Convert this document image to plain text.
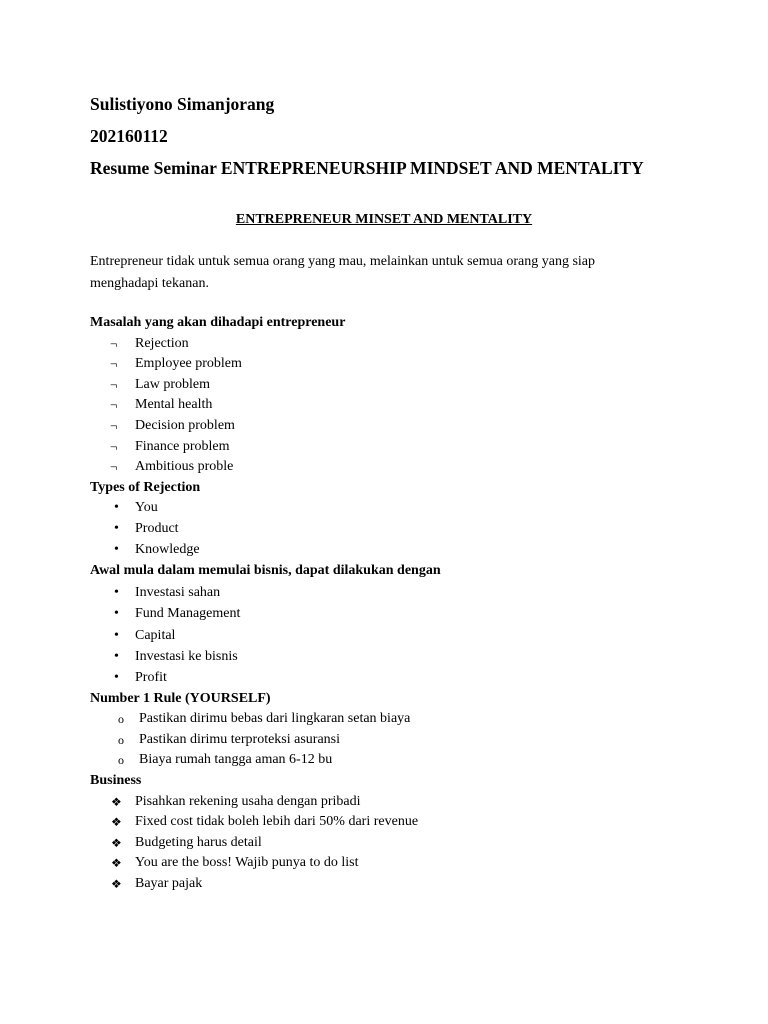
Sulistiyono Simanjorang
202160112
Resume Seminar ENTREPRENEURSHIP MINDSET AND MENTALITY
ENTREPRENEUR MINSET AND MENTALITY
Entrepreneur tidak untuk semua orang yang mau, melainkan untuk semua orang yang siap menghadapi tekanan.
Masalah yang akan dihadapi entrepreneur
¬ Rejection
¬ Employee problem
¬ Law problem
¬ Mental health
¬ Decision problem
¬ Finance problem
¬ Ambitious proble
Types of Rejection
• You
• Product
• Knowledge
Awal mula dalam memulai bisnis, dapat dilakukan dengan
• Investasi sahan
• Fund Management
• Capital
• Investasi ke bisnis
• Profit
Number 1 Rule (YOURSELF)
o Pastikan dirimu bebas dari lingkaran setan biaya
o Pastikan dirimu terproteksi asuransi
o Biaya rumah tangga aman 6-12 bu
Business
❖ Pisahkan rekening usaha dengan pribadi
❖ Fixed cost tidak boleh lebih dari 50% dari revenue
❖ Budgeting harus detail
❖ You are the boss! Wajib punya to do list
❖ Bayar pajak
